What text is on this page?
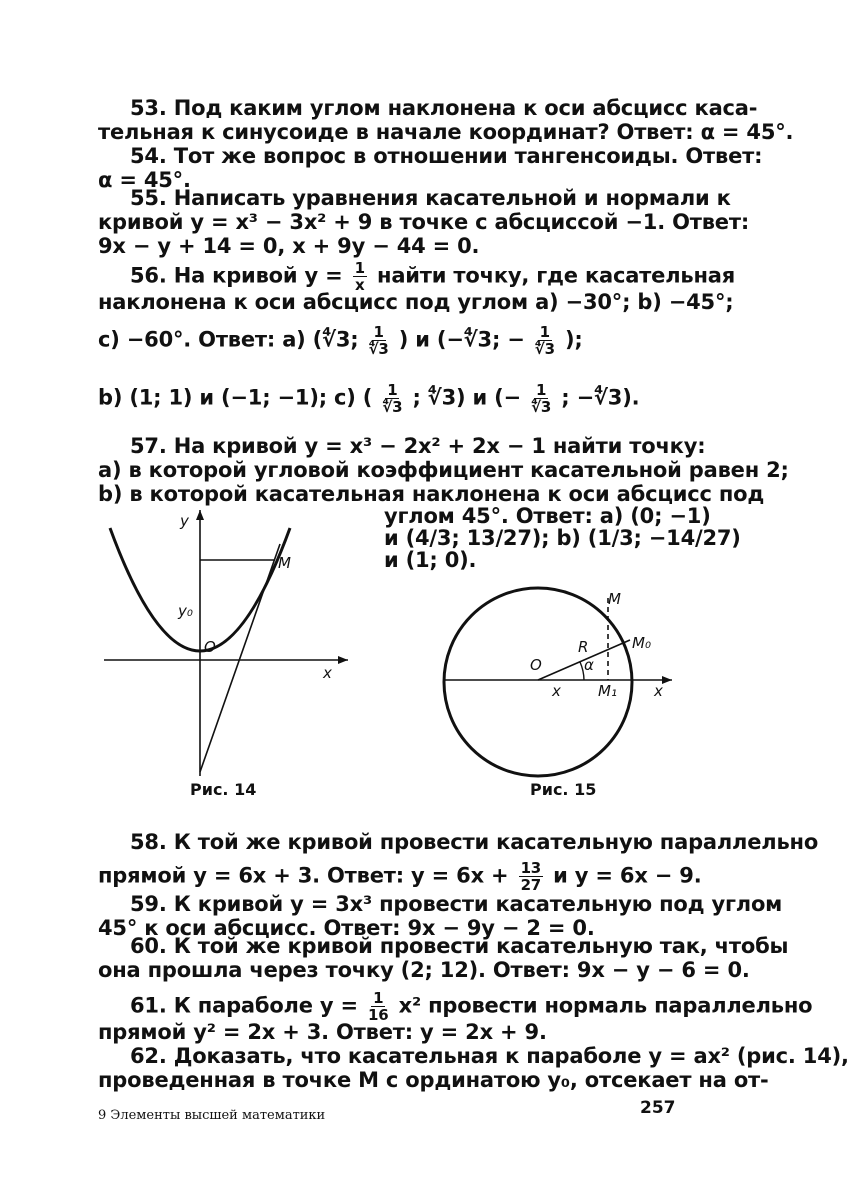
53. Под каким углом наклонена к оси абсцисс каса-
тельная к синусоиде в начале координат? Ответ: α = 45°.
54. Тот же вопрос в отношении тангенсоиды. Ответ:
α = 45°.
55. Написать уравнения касательной и нормали к
кривой y = x³ − 3x² + 9 в точке с абсциссой −1. Ответ:
9x − y + 14 = 0, x + 9y − 44 = 0.
56. На кривой $y = \frac{1}{x}$ найти точку, где касательная
наклонена к оси абсцисс под углом a) −30°; b) −45°;
c) −60°. Ответ: a) (∜3; $\frac{1}{∜3}$ ) и (−∜3; − $\frac{1}{∜3}$ );
b) (1; 1) и (−1; −1); c) ( $\frac{1}{∜3}$ ; ∜3) и (− $\frac{1}{∜3}$ ; −∜3).
57. На кривой y = x³ − 2x² + 2x − 1 найти точку:
a) в которой угловой коэффициент касательной равен 2;
b) в которой касательная наклонена к оси абсцисс под
углом 45°. Ответ: a) (0; −1)
и (4/3; 13/27); b) (1/3; −14/27)
и (1; 0).
y
x
M
y₀
O
Рис. 14
M
M₀
M₁
O
R
α
x	x
Рис. 15
58. К той же кривой провести касательную параллельно
прямой y = 6x + 3. Ответ: $y = 6x + \frac{13}{27}$ и y = 6x − 9.
59. К кривой y = 3x³ провести касательную под углом
45° к оси абсцисс. Ответ: 9x − 9y − 2 = 0.
60. К той же кривой провести касательную так, чтобы
она прошла через точку (2; 12). Ответ: 9x − y − 6 = 0.
61. К параболе $y = \frac{1}{16} x^2$ провести нормаль параллельно
прямой y² = 2x + 3. Ответ: y = 2x + 9.
62. Доказать, что касательная к параболе y = ax² (рис. 14),
проведенная в точке M с ординатою y₀, отсекает на от-
9 Элементы высшей математики	257
